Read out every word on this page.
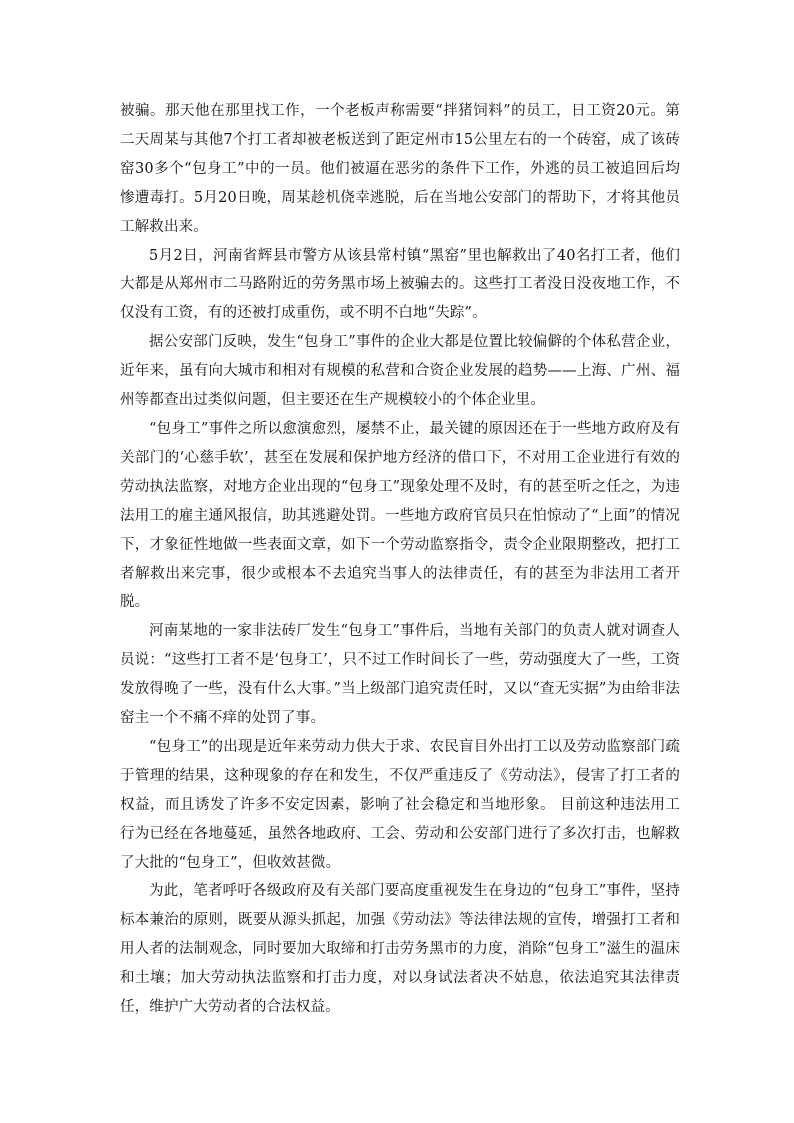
被骗。那天他在那里找工作，一个老板声称需要“拌猪饲料”的员工，日工资20元。第二天周某与其他7个打工者却被老板送到了距定州市15公里左右的一个砖窑，成了该砖窑30多个“包身工”中的一员。他们被逼在恶劣的条件下工作，外逃的员工被追回后均惨遭毒打。5月20日晚，周某趁机侥幸逃脱，后在当地公安部门的帮助下，才将其他员工解救出来。

5月2日，河南省辉县市警方从该县常村镇“黑窑”里也解救出了40名打工者，他们大都是从郑州市二马路附近的劳务黑市场上被骗去的。这些打工者没日没夜地工作，不仅没有工资，有的还被打成重伤，或不明不白地“失踪”。

据公安部门反映，发生“包身工”事件的企业大都是位置比较偏僻的个体私营企业，近年来，虽有向大城市和相对有规模的私营和合资企业发展的趋势——上海、广州、福州等都查出过类似问题，但主要还在生产规模较小的个体企业里。

“包身工”事件之所以愈演愈烈，屡禁不止，最关键的原因还在于一些地方政府及有关部门的‘心慈手软’，甚至在发展和保护地方经济的借口下，不对用工企业进行有效的劳动执法监察，对地方企业出现的“包身工”现象处理不及时，有的甚至听之任之，为违法用工的雇主通风报信，助其逃避处罚。一些地方政府官员只在怕惊动了“上面”的情况下，才象征性地做一些表面文章，如下一个劳动监察指令，责令企业限期整改，把打工者解救出来完事，很少或根本不去追究当事人的法律责任，有的甚至为非法用工者开脱。

河南某地的一家非法砖厂发生“包身工”事件后，当地有关部门的负责人就对调查人员说：“这些打工者不是‘包身工’，只不过工作时间长了一些，劳动强度大了一些，工资发放得晚了一些，没有什么大事。”当上级部门追究责任时，又以“查无实据”为由给非法窑主一个不痛不痒的处罚了事。

“包身工”的出现是近年来劳动力供大于求、农民盲目外出打工以及劳动监察部门疏于管理的结果，这种现象的存在和发生，不仅严重违反了《劳动法》，侵害了打工者的权益，而且诱发了许多不安定因素，影响了社会稳定和当地形象。 目前这种违法用工行为已经在各地蔓延，虽然各地政府、工会、劳动和公安部门进行了多次打击，也解救了大批的“包身工”，但收效甚微。

为此，笔者呼吁各级政府及有关部门要高度重视发生在身边的“包身工”事件，坚持标本兼治的原则，既要从源头抓起，加强《劳动法》等法律法规的宣传，增强打工者和用人者的法制观念，同时要加大取缔和打击劳务黑市的力度，消除“包身工”滋生的温床和土壤；加大劳动执法监察和打击力度，对以身试法者决不姑息，依法追究其法律责任，维护广大劳动者的合法权益。
